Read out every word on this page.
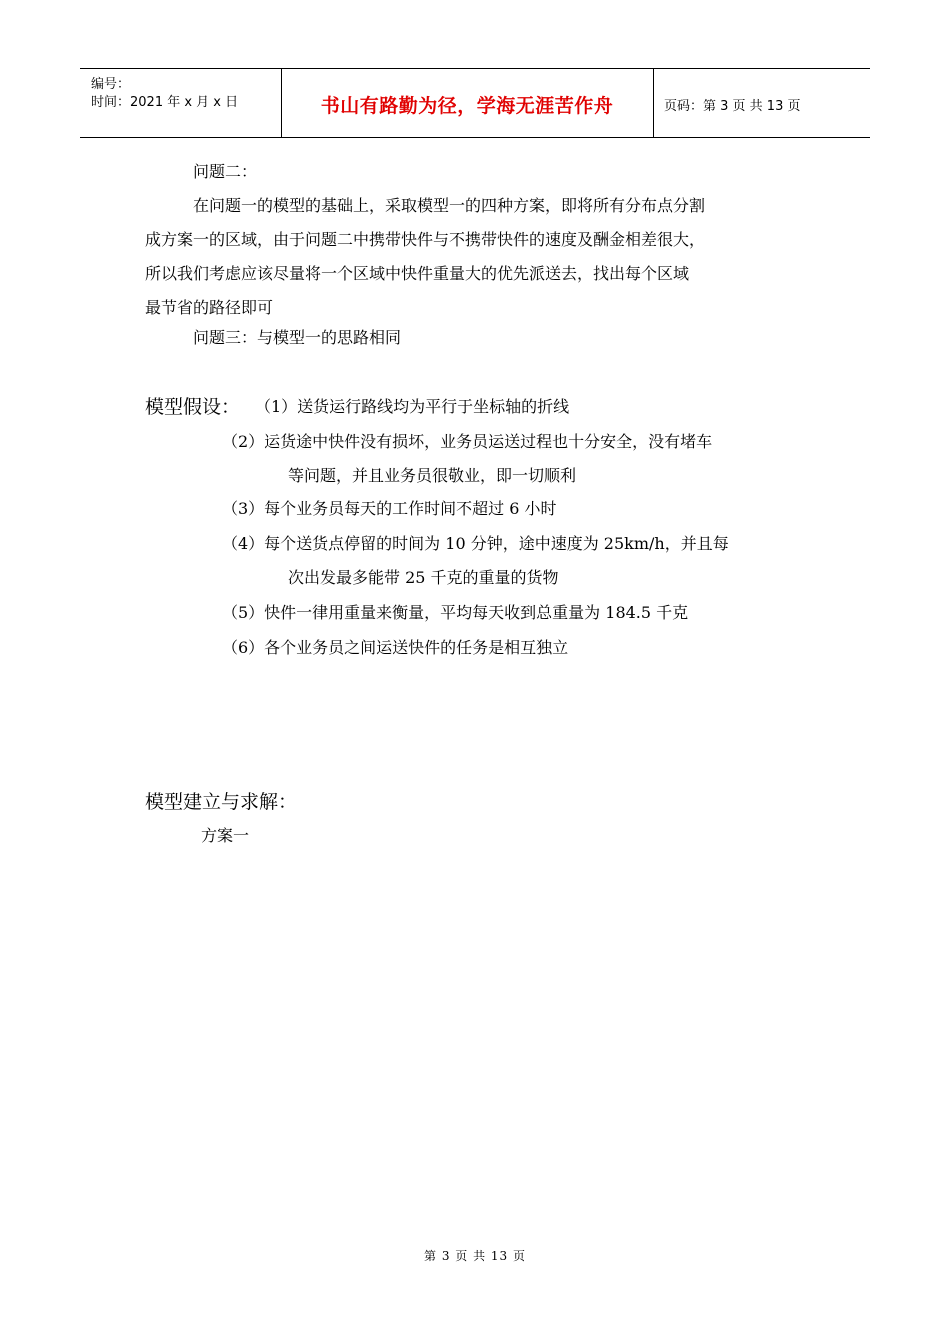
编号：
时间：2021 年 x 月 x 日	书山有路勤为径，学海无涯苦作舟	页码：第 3 页 共 13 页
问题二：
在问题一的模型的基础上，采取模型一的四种方案，即将所有分布点分割
成方案一的区域，由于问题二中携带快件与不携带快件的速度及酬金相差很大，
所以我们考虑应该尽量将一个区域中快件重量大的优先派送去，找出每个区域
最节省的路径即可
问题三：与模型一的思路相同
模型假设： （1）送货运行路线均为平行于坐标轴的折线
（2）运货途中快件没有损坏，业务员运送过程也十分安全，没有堵车
等问题，并且业务员很敬业，即一切顺利
（3）每个业务员每天的工作时间不超过 6 小时
（4）每个送货点停留的时间为 10 分钟，途中速度为 25km/h，并且每
次出发最多能带 25 千克的重量的货物
（5）快件一律用重量来衡量，平均每天收到总重量为 184.5 千克
（6）各个业务员之间运送快件的任务是相互独立
模型建立与求解：
方案一
第 3 页 共 13 页
